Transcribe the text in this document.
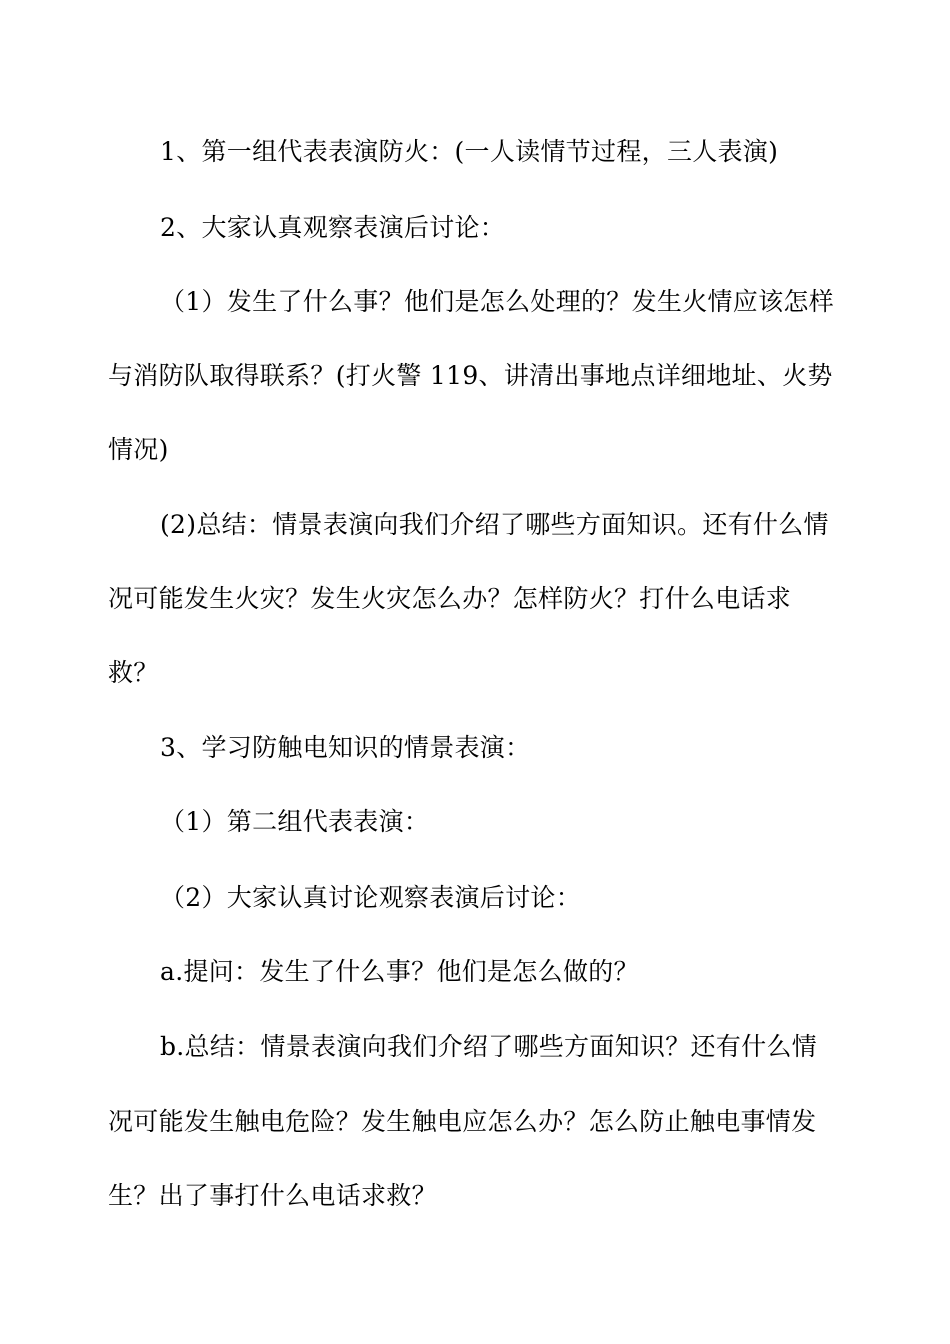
1、第一组代表表演防火：(一人读情节过程，三人表演)
2、大家认真观察表演后讨论：
（1）发生了什么事？他们是怎么处理的？发生火情应该怎样
与消防队取得联系？(打火警 119、讲清出事地点详细地址、火势
情况)
(2)总结：情景表演向我们介绍了哪些方面知识。还有什么情
况可能发生火灾？发生火灾怎么办？怎样防火？打什么电话求
救？
3、学习防触电知识的情景表演：
（1）第二组代表表演：
（2）大家认真讨论观察表演后讨论：
a.提问：发生了什么事？他们是怎么做的？
b.总结：情景表演向我们介绍了哪些方面知识？还有什么情
况可能发生触电危险？发生触电应怎么办？怎么防止触电事情发
生？出了事打什么电话求救？
